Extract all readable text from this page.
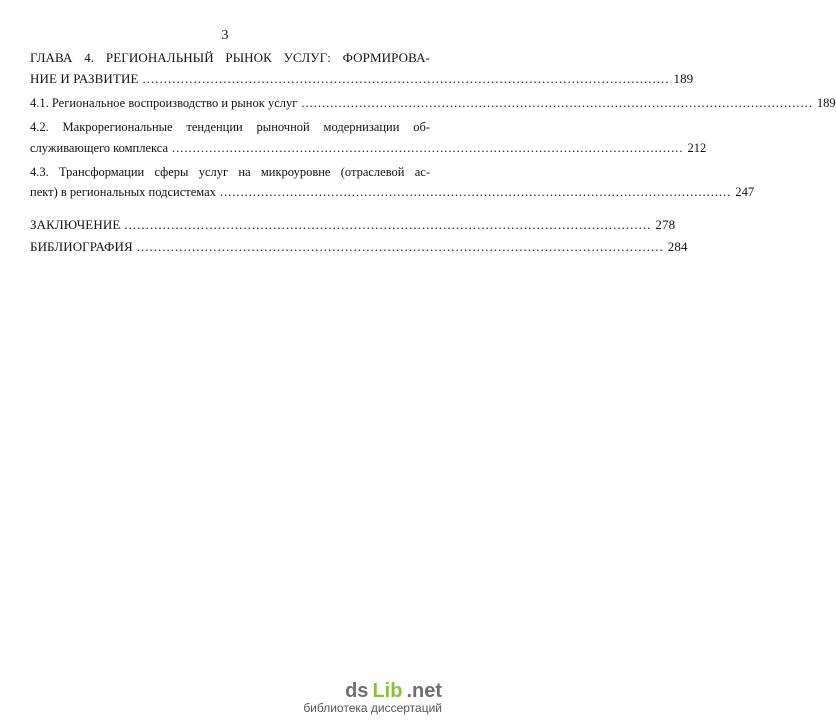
3
ГЛАВА 4. РЕГИОНАЛЬНЫЙ РЫНОК УСЛУГ: ФОРМИРОВА-
НИЕ И РАЗВИТИЕ ............................................................................................................................ 189
4.1. Региональное воспроизводство и рынок услуг ............................................................................................................................ 189
4.2. Макрорегиональные тенденции рыночной модернизации об-
служивающего комплекса ............................................................................................................................ 212
4.3. Трансформации сферы услуг на микроуровне (отраслевой ас-
пект) в региональных подсистемах ............................................................................................................................ 247
ЗАКЛЮЧЕНИЕ ............................................................................................................................ 278
БИБЛИОГРАФИЯ ............................................................................................................................ 284
ds Lib .net
библиотека диссертаций
